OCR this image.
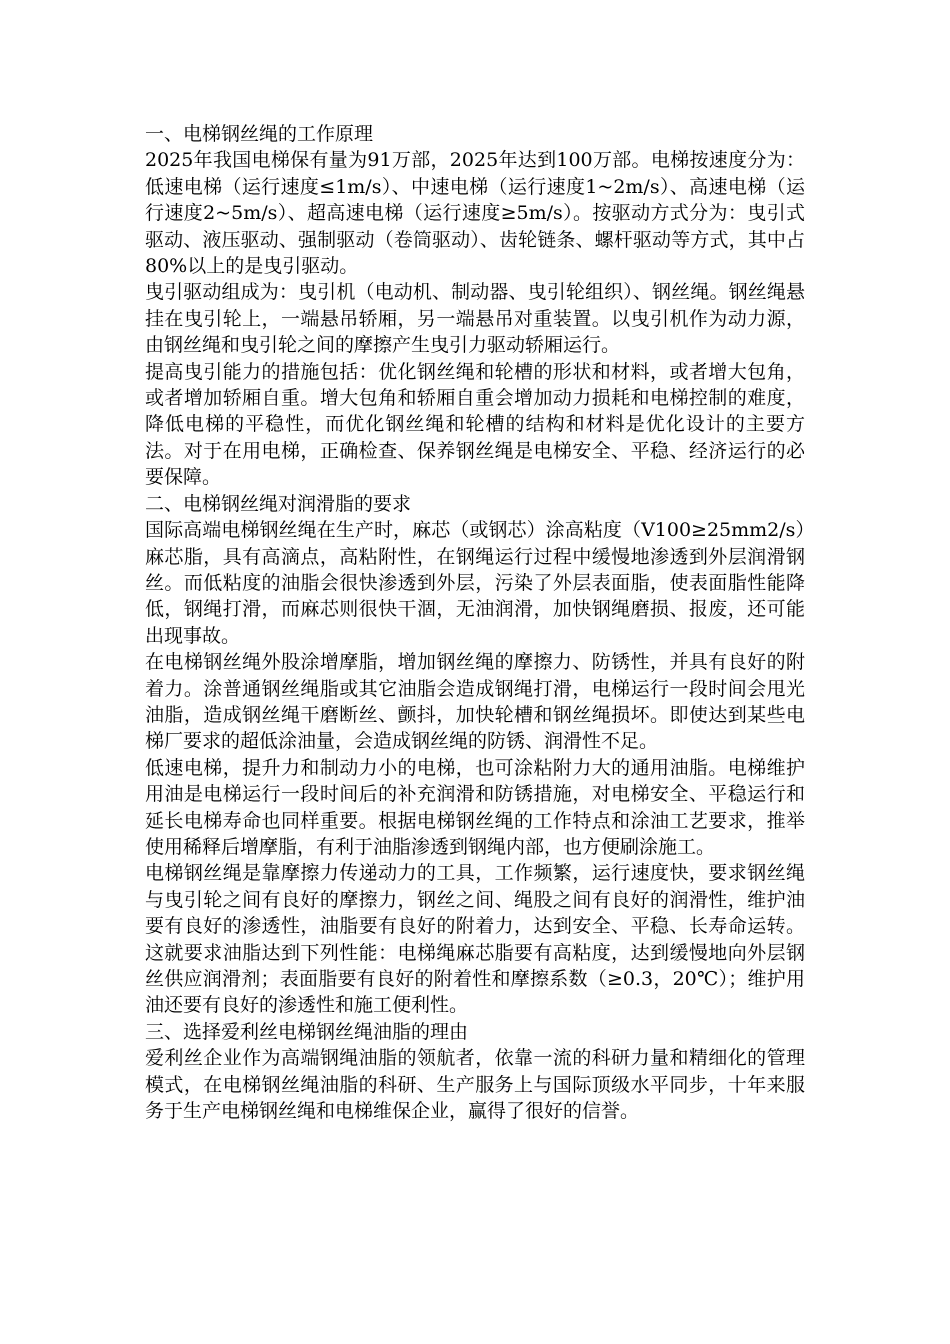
一、电梯钢丝绳的工作原理

2025年我国电梯保有量为91万部，2025年达到100万部。电梯按速度分为：低速电梯（运行速度≤1m/s）、中速电梯（运行速度1~2m/s）、高速电梯（运行速度2~5m/s）、超高速电梯（运行速度≥5m/s）。按驱动方式分为：曳引式驱动、液压驱动、强制驱动（卷筒驱动）、齿轮链条、螺杆驱动等方式，其中占80%以上的是曳引驱动。

曳引驱动组成为：曳引机（电动机、制动器、曳引轮组织）、钢丝绳。钢丝绳悬挂在曳引轮上，一端悬吊轿厢，另一端悬吊对重装置。以曳引机作为动力源，由钢丝绳和曳引轮之间的摩擦产生曳引力驱动轿厢运行。

提高曳引能力的措施包括：优化钢丝绳和轮槽的形状和材料，或者增大包角，或者增加轿厢自重。增大包角和轿厢自重会增加动力损耗和电梯控制的难度，降低电梯的平稳性，而优化钢丝绳和轮槽的结构和材料是优化设计的主要方法。对于在用电梯，正确检查、保养钢丝绳是电梯安全、平稳、经济运行的必要保障。

二、电梯钢丝绳对润滑脂的要求

国际高端电梯钢丝绳在生产时，麻芯（或钢芯）涂高粘度（V100≥25mm2/s）麻芯脂，具有高滴点，高粘附性，在钢绳运行过程中缓慢地渗透到外层润滑钢丝。而低粘度的油脂会很快渗透到外层，污染了外层表面脂，使表面脂性能降低，钢绳打滑，而麻芯则很快干涸，无油润滑，加快钢绳磨损、报废，还可能出现事故。

在电梯钢丝绳外股涂增摩脂，增加钢丝绳的摩擦力、防锈性，并具有良好的附着力。涂普通钢丝绳脂或其它油脂会造成钢绳打滑，电梯运行一段时间会甩光油脂，造成钢丝绳干磨断丝、颤抖，加快轮槽和钢丝绳损坏。即使达到某些电梯厂要求的超低涂油量，会造成钢丝绳的防锈、润滑性不足。

低速电梯，提升力和制动力小的电梯，也可涂粘附力大的通用油脂。电梯维护用油是电梯运行一段时间后的补充润滑和防锈措施，对电梯安全、平稳运行和延长电梯寿命也同样重要。根据电梯钢丝绳的工作特点和涂油工艺要求，推举使用稀释后增摩脂，有利于油脂渗透到钢绳内部，也方便刷涂施工。

电梯钢丝绳是靠摩擦力传递动力的工具，工作频繁，运行速度快，要求钢丝绳与曳引轮之间有良好的摩擦力，钢丝之间、绳股之间有良好的润滑性，维护油要有良好的渗透性，油脂要有良好的附着力，达到安全、平稳、长寿命运转。这就要求油脂达到下列性能：电梯绳麻芯脂要有高粘度，达到缓慢地向外层钢丝供应润滑剂；表面脂要有良好的附着性和摩擦系数（≥0.3，20℃）；维护用油还要有良好的渗透性和施工便利性。

三、选择爱利丝电梯钢丝绳油脂的理由

爱利丝企业作为高端钢绳油脂的领航者，依靠一流的科研力量和精细化的管理模式，在电梯钢丝绳油脂的科研、生产服务上与国际顶级水平同步，十年来服务于生产电梯钢丝绳和电梯维保企业，赢得了很好的信誉。
